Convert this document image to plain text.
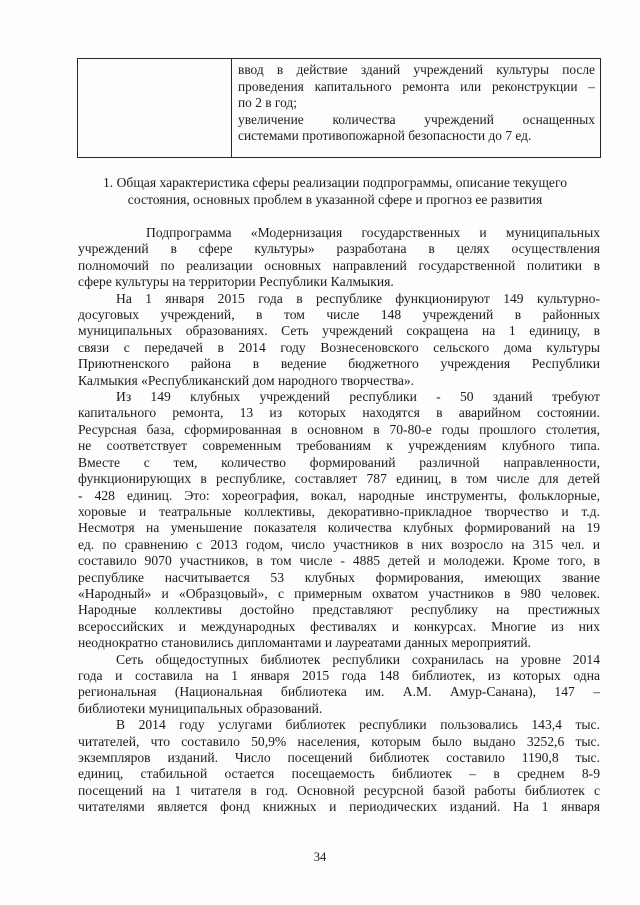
ввод в действие зданий учреждений культуры после
проведения капитального ремонта или реконструкции –
по 2 в год;
увеличение количества учреждений оснащенных
системами противопожарной безопасности до 7 ед.
1. Общая характеристика сферы реализации подпрограммы, описание текущего
состояния, основных проблем в указанной сфере и прогноз ее развития
Подпрограмма «Модернизация государственных и муниципальных
учреждений в сфере культуры» разработана в целях осуществления
полномочий по реализации основных направлений государственной политики в
сфере культуры на территории Республики Калмыкия.
На 1 января 2015 года в республике функционируют 149 культурно-
досуговых учреждений, в том числе 148 учреждений в районных
муниципальных образованиях. Сеть учреждений сокращена на 1 единицу, в
связи с передачей в 2014 году Вознесеновского сельского дома культуры
Приютненского района в ведение бюджетного учреждения Республики
Калмыкия «Республиканский дом народного творчества».
Из 149 клубных учреждений республики - 50 зданий требуют
капитального ремонта, 13 из которых находятся в аварийном состоянии.
Ресурсная база, сформированная в основном в 70-80-е годы прошлого столетия,
не соответствует современным требованиям к учреждениям клубного типа.
Вместе с тем, количество формирований различной направленности,
функционирующих в республике, составляет 787 единиц, в том числе для детей
- 428 единиц. Это: хореография, вокал, народные инструменты, фольклорные,
хоровые и театральные коллективы, декоративно-прикладное творчество и т.д.
Несмотря на уменьшение показателя количества клубных формирований на 19
ед. по сравнению с 2013 годом, число участников в них возросло на 315 чел. и
составило 9070 участников, в том числе - 4885 детей и молодежи. Кроме того, в
республике насчитывается 53 клубных формирования, имеющих звание
«Народный» и «Образцовый», с примерным охватом участников в 980 человек.
Народные коллективы достойно представляют республику на престижных
всероссийских и международных фестивалях и конкурсах. Многие из них
неоднократно становились дипломантами и лауреатами данных мероприятий.
Сеть общедоступных библиотек республики сохранилась на уровне 2014
года и составила на 1 января 2015 года 148 библиотек, из которых одна
региональная (Национальная библиотека им. А.М. Амур-Санана), 147 –
библиотеки муниципальных образований.
В 2014 году услугами библиотек республики пользовались 143,4 тыс.
читателей, что составило 50,9% населения, которым было выдано 3252,6 тыс.
экземпляров изданий. Число посещений библиотек составило 1190,8 тыс.
единиц, стабильной остается посещаемость библиотек – в среднем 8-9
посещений на 1 читателя в год. Основной ресурсной базой работы библиотек с
читателями является фонд книжных и периодических изданий. На 1 января
34
